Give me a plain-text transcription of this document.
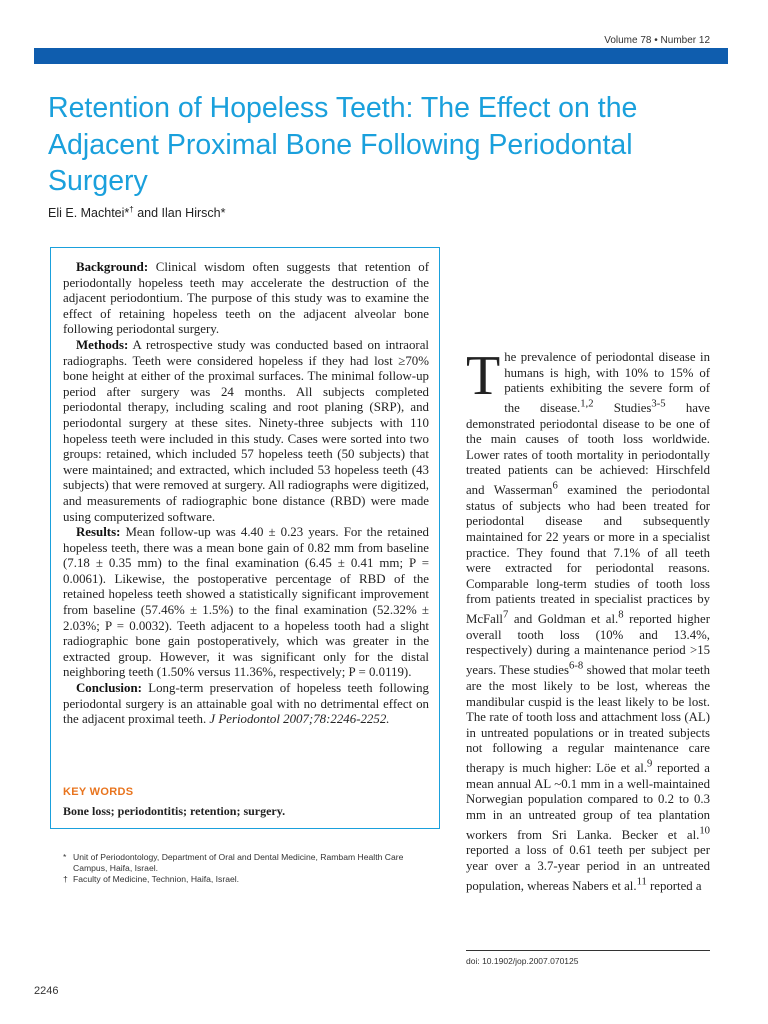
Volume 78 • Number 12
Retention of Hopeless Teeth: The Effect on the Adjacent Proximal Bone Following Periodontal Surgery
Eli E. Machtei*† and Ilan Hirsch*

Background: Clinical wisdom often suggests that retention of periodontally hopeless teeth may accelerate the destruction of the adjacent periodontium. The purpose of this study was to examine the effect of retaining hopeless teeth on the adjacent alveolar bone following periodontal surgery.

Methods: A retrospective study was conducted based on intraoral radiographs. Teeth were considered hopeless if they had lost ≥70% bone height at either of the proximal surfaces. The minimal follow-up period after surgery was 24 months. All subjects completed periodontal therapy, including scaling and root planing (SRP), and periodontal surgery at these sites. Ninety-three subjects with 110 hopeless teeth were included in this study. Cases were sorted into two groups: retained, which included 57 hopeless teeth (50 subjects) that were maintained; and extracted, which included 53 hopeless teeth (43 subjects) that were removed at surgery. All radiographs were digitized, and measurements of radiographic bone distance (RBD) were made using computerized software.

Results: Mean follow-up was 4.40 ± 0.23 years. For the retained hopeless teeth, there was a mean bone gain of 0.82 mm from baseline (7.18 ± 0.35 mm) to the final examination (6.45 ± 0.41 mm; P = 0.0061). Likewise, the postoperative percentage of RBD of the retained hopeless teeth showed a statistically significant improvement from baseline (57.46% ± 1.5%) to the final examination (52.32% ± 2.03%; P = 0.0032). Teeth adjacent to a hopeless tooth had a slight radiographic bone gain postoperatively, which was greater in the extracted group. However, it was significant only for the distal neighboring teeth (1.50% versus 11.36%, respectively; P = 0.0119).

Conclusion: Long-term preservation of hopeless teeth following periodontal surgery is an attainable goal with no detrimental effect on the adjacent proximal teeth. J Periodontol 2007;78:2246-2252.

KEY WORDS
Bone loss; periodontitis; retention; surgery.
* Unit of Periodontology, Department of Oral and Dental Medicine, Rambam Health Care Campus, Haifa, Israel.
† Faculty of Medicine, Technion, Haifa, Israel.
T he prevalence of periodontal disease in humans is high, with 10% to 15% of patients exhibiting the severe form of the disease.$^{1,2}$ Studies$^{3-5}$ have demonstrated periodontal disease to be one of the main causes of tooth loss worldwide. Lower rates of tooth mortality in periodontally treated patients can be achieved: Hirschfeld and Wasserman$^6$ examined the periodontal status of subjects who had been treated for periodontal disease and subsequently maintained for 22 years or more in a specialist practice. They found that 7.1% of all teeth were extracted for periodontal reasons. Comparable long-term studies of tooth loss from patients treated in specialist practices by McFall$^7$ and Goldman et al.$^8$ reported higher overall tooth loss (10% and 13.4%, respectively) during a maintenance period >15 years. These studies$^{6-8}$ showed that molar teeth are the most likely to be lost, whereas the mandibular cuspid is the least likely to be lost. The rate of tooth loss and attachment loss (AL) in untreated populations or in treated subjects not following a regular maintenance care therapy is much higher: Löe et al.$^9$ reported a mean annual AL ~0.1 mm in a well-maintained Norwegian population compared to 0.2 to 0.3 mm in an untreated group of tea plantation workers from Sri Lanka. Becker et al.$^{10}$ reported a loss of 0.61 teeth per subject per year over a 3.7-year period in an untreated population, whereas Nabers et al.$^{11}$ reported a
doi: 10.1902/jop.2007.070125
2246
